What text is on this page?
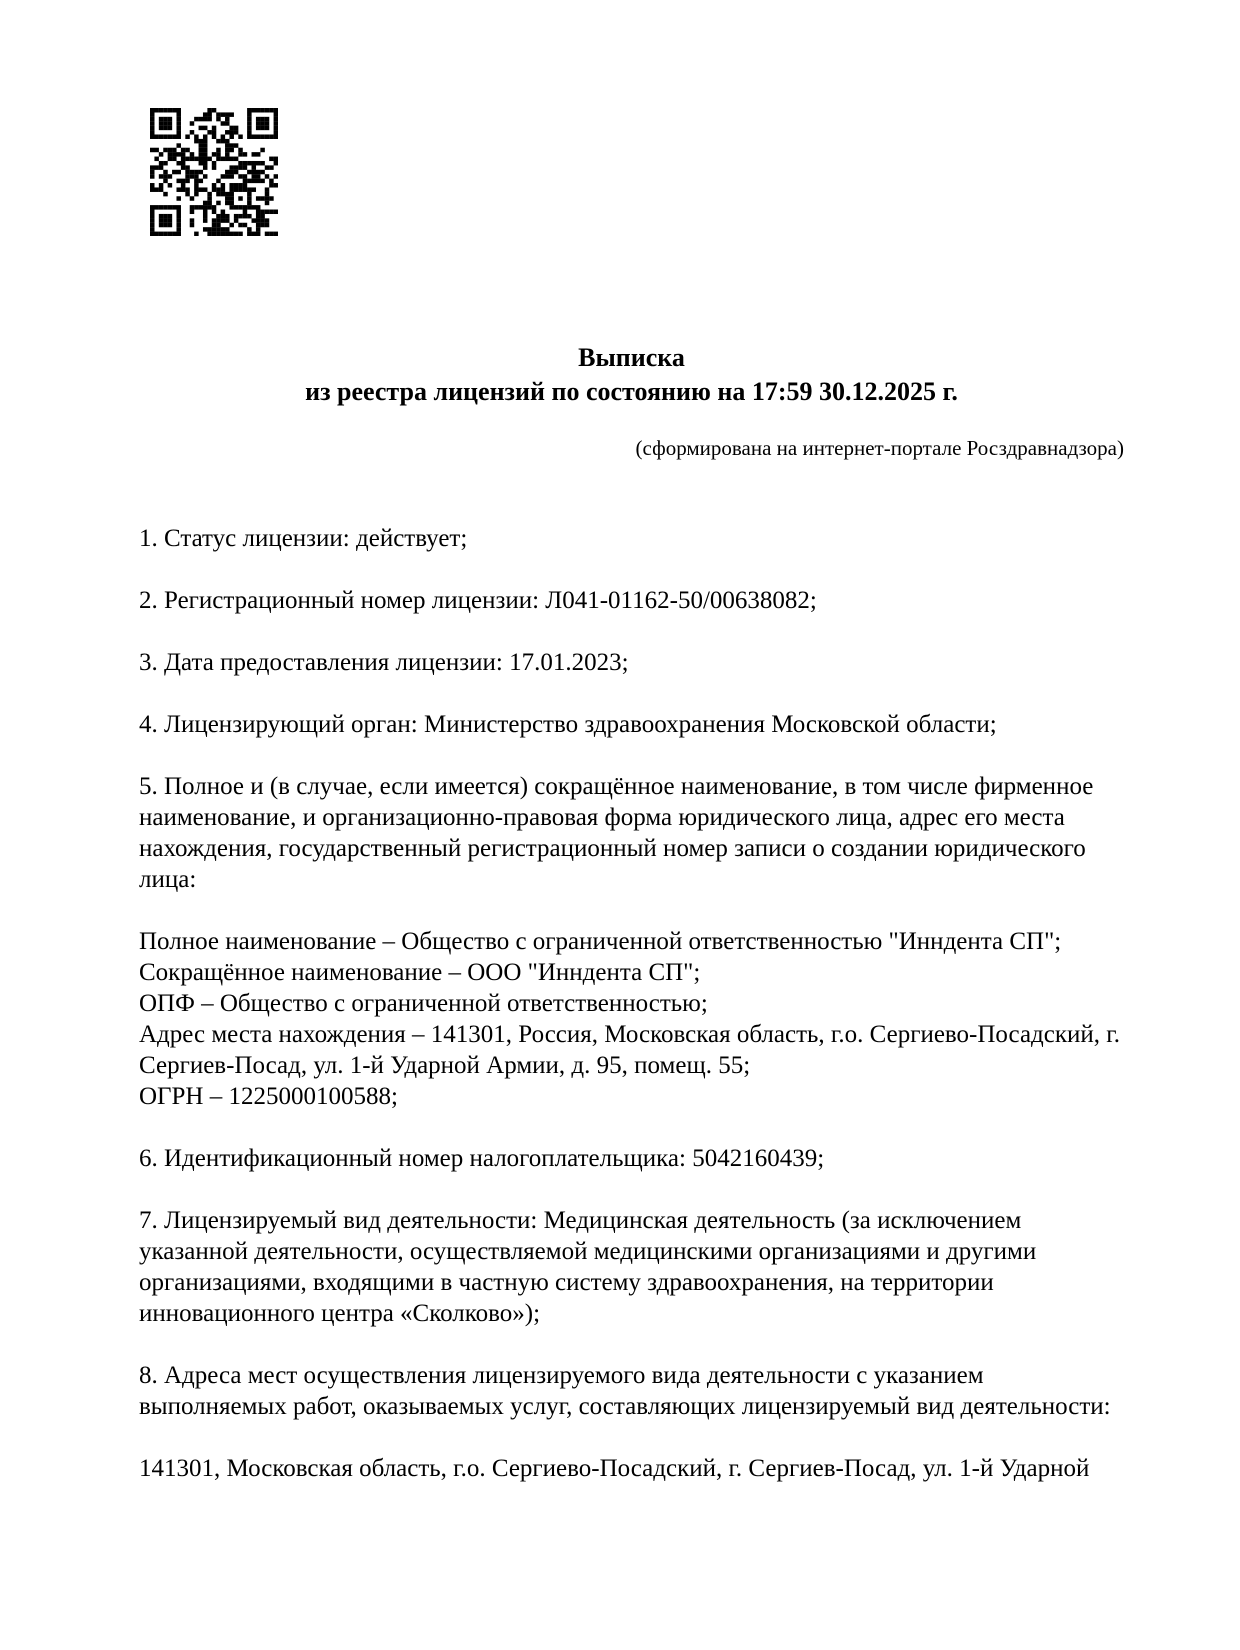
Выписка
из реестра лицензий по состоянию на 17:59 30.12.2025 г.
(сформирована на интернет-портале Росздравнадзора)

1. Статус лицензии: действует;

2. Регистрационный номер лицензии: Л041-01162-50/00638082;

3. Дата предоставления лицензии: 17.01.2023;

4. Лицензирующий орган: Министерство здравоохранения Московской области;

5. Полное и (в случае, если имеется) сокращённое наименование, в том числе фирменное наименование, и организационно-правовая форма юридического лица, адрес его места нахождения, государственный регистрационный номер записи о создании юридического лица:

Полное наименование – Общество с ограниченной ответственностью "Инндента СП";
Сокращённое наименование – ООО "Инндента СП";
ОПФ – Общество с ограниченной ответственностью;
Адрес места нахождения – 141301, Россия, Московская область, г.о. Сергиево-Посадский, г. Сергиев-Посад, ул. 1-й Ударной Армии, д. 95, помещ. 55;
ОГРН – 1225000100588;

6. Идентификационный номер налогоплательщика: 5042160439;

7. Лицензируемый вид деятельности: Медицинская деятельность (за исключением указанной деятельности, осуществляемой медицинскими организациями и другими организациями, входящими в частную систему здравоохранения, на территории инновационного центра «Сколково»);

8. Адреса мест осуществления лицензируемого вида деятельности с указанием выполняемых работ, оказываемых услуг, составляющих лицензируемый вид деятельности:

141301, Московская область, г.о. Сергиево-Посадский, г. Сергиев-Посад, ул. 1-й Ударной
